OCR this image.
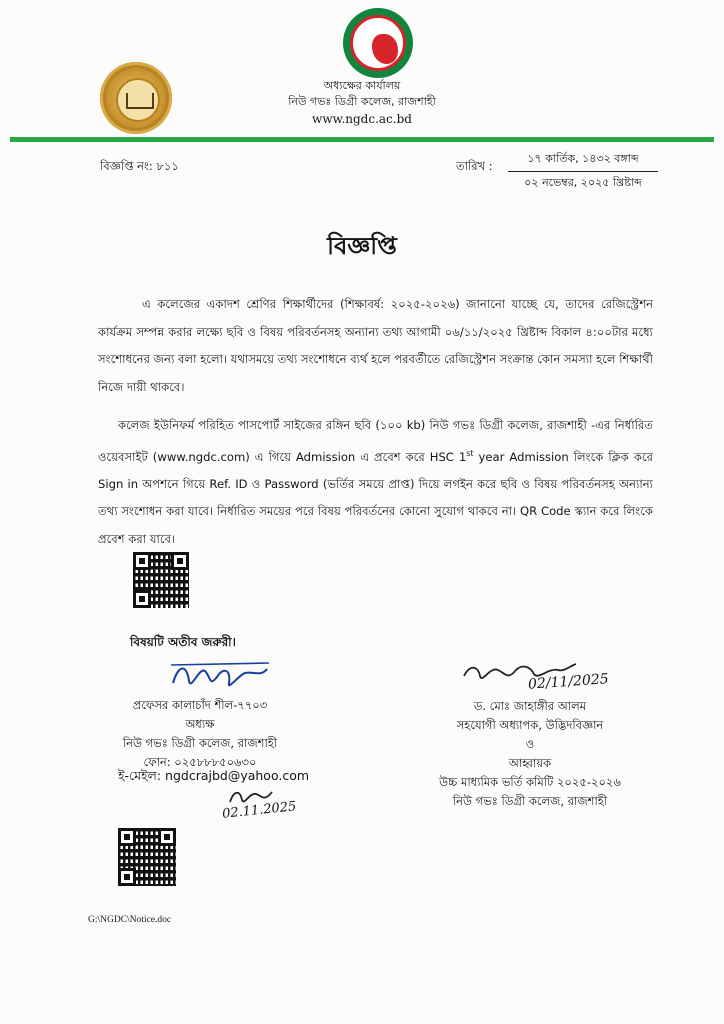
অধ্যক্ষের কার্যালয়
নিউ গভঃ ডিগ্রী কলেজ, রাজশাহী
www.ngdc.ac.bd
বিজ্ঞপ্তি নং: ৮১১	তারিখ :
১৭ কার্তিক, ১৪৩২ বঙ্গাব্দ
০২ নভেম্বর, ২০২৫ খ্রিষ্টাব্দ
বিজ্ঞপ্তি
এ কলেজের একাদশ শ্রেণির শিক্ষার্থীদের (শিক্ষাবর্ষ: ২০২৫-২০২৬) জানানো যাচ্ছে যে, তাদের রেজিস্ট্রেশন কার্যক্রম সম্পন্ন করার লক্ষ্যে ছবি ও বিষয় পরিবর্তনসহ অন্যান্য তথ্য আগামী ০৬/১১/২০২৫ খ্রিষ্টাব্দ বিকাল ৪:০০টার মধ্যে সংশোধনের জন্য বলা হলো। যথাসময়ে তথ্য সংশোধনে ব্যর্থ হলে পরবর্তীতে রেজিস্ট্রেশন সংক্রান্ত কোন সমস্যা হলে শিক্ষার্থী নিজে দায়ী থাকবে।
কলেজ ইউনিফর্ম পরিহিত পাসপোর্ট সাইজের রঙ্গিন ছবি (১০০ kb) নিউ গভঃ ডিগ্রী কলেজ, রাজশাহী -এর নির্ধারিত ওয়েবসাইট (www.ngdc.com) এ গিয়ে Admission এ প্রবেশ করে HSC 1st year Admission লিংকে ক্লিক করে Sign in অপশনে গিয়ে Ref. ID ও Password (ভর্তির সময়ে প্রাপ্ত) দিয়ে লগইন করে ছবি ও বিষয় পরিবর্তনসহ অন্যান্য তথ্য সংশোধন করা যাবে। নির্ধারিত সময়ের পরে বিষয় পরিবর্তনের কোনো সুযোগ থাকবে না। QR Code স্ক্যান করে লিংকে প্রবেশ করা যাবে।
বিষয়টি অতীব জরুরী।
প্রফেসর কালাচাঁদ শীল-৭৭০৩
অধ্যক্ষ
নিউ গভঃ ডিগ্রী কলেজ, রাজশাহী
ফোন: ০২৫৮৮৮৫০৬৩০
ই-মেইল: ngdcrajbd@yahoo.com
02.11.2025
02/11/2025
ড. মোঃ জাহাঙ্গীর আলম
সহযোগী অধ্যাপক, উদ্ভিদবিজ্ঞান
ও
আহ্বায়ক
উচ্চ মাধ্যমিক ভর্তি কমিটি ২০২৫-২০২৬
নিউ গভঃ ডিগ্রী কলেজ, রাজশাহী
G:\NGDC\Notice.doc
